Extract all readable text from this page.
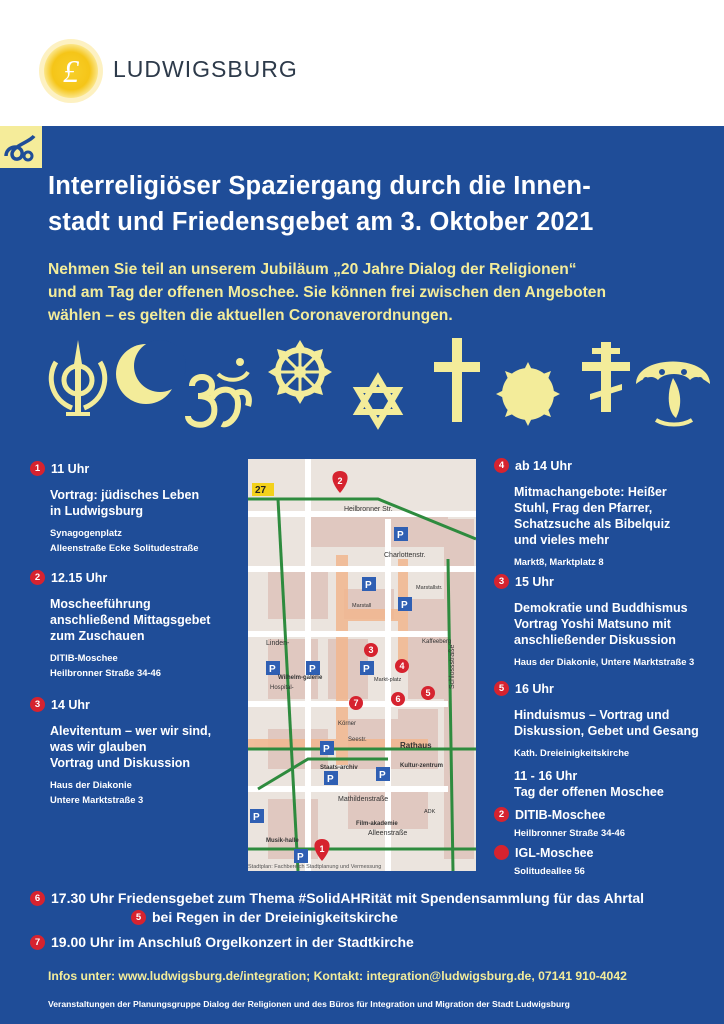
£ LUDWIGSBURG
Interreligiöser Spaziergang durch die Innen-
stadt und Friedensgebet am 3. Oktober 2021
Nehmen Sie teil an unserem Jubiläum „20 Jahre Dialog der Religionen“
und am Tag der offenen Moschee. Sie können frei zwischen den Angeboten
wählen – es gelten die aktuellen Coronaverordnungen.
1 11 Uhr
Vortrag: jüdisches Leben
in Ludwigsburg
Synagogenplatz
Alleenstraße Ecke Solitudestraße
2 12.15 Uhr
Moscheeführung
anschließend Mittagsgebet
zum Zuschauen
DITIB-Moschee
Heilbronner Straße 34-46
3 14 Uhr
Alevitentum – wer wir sind,
was wir glauben
Vortrag und Diskussion
Haus der Diakonie
Untere Marktstraße 3
P
P
P
P	P	P
P
P	P
P
P
27
Heilbronner Str.
Charlottenstr.
Marstall
Marstallstr.
Kaffeeberg
Linden-
Körner
Rathaus
Kultur-zentrum
Staats-archiv
Mathildenstraße
Film-akademie
ADK
Alleenstraße
Musik-halle
Markt-platz
Seestr.
Wilhelm-galerie
Hospital-
Stadtplan: Fachbereich Stadtplanung und Vermessung
Schlossstraße
2
3
4
6
7
5
1
4 ab 14 Uhr
Mitmachangebote: Heißer
Stuhl, Frag den Pfarrer,
Schatzsuche als Bibelquiz
und vieles mehr
Markt8, Marktplatz 8
3 15 Uhr
Demokratie und Buddhismus
Vortrag Yoshi Matsuno mit
anschließender Diskussion
Haus der Diakonie, Untere Marktstraße 3
5 16 Uhr
Hinduismus – Vortrag und
Diskussion, Gebet und Gesang
Kath. Dreieinigkeitskirche
11 - 16 Uhr
Tag der offenen Moschee
2 DITIB-Moschee
Heilbronner Straße 34-46
IGL-Moschee
Solitudeallee 56
6 17.30 Uhr Friedensgebet zum Thema #SolidAHRität mit Spendensammlung für das Ahrtal
5 bei Regen in der Dreieinigkeitskirche
7 19.00 Uhr im Anschluß Orgelkonzert in der Stadtkirche
Infos unter: www.ludwigsburg.de/integration; Kontakt: integration@ludwigsburg.de, 07141 910-4042
Veranstaltungen der Planungsgruppe Dialog der Religionen und des Büros für Integration und Migration der Stadt Ludwigsburg
